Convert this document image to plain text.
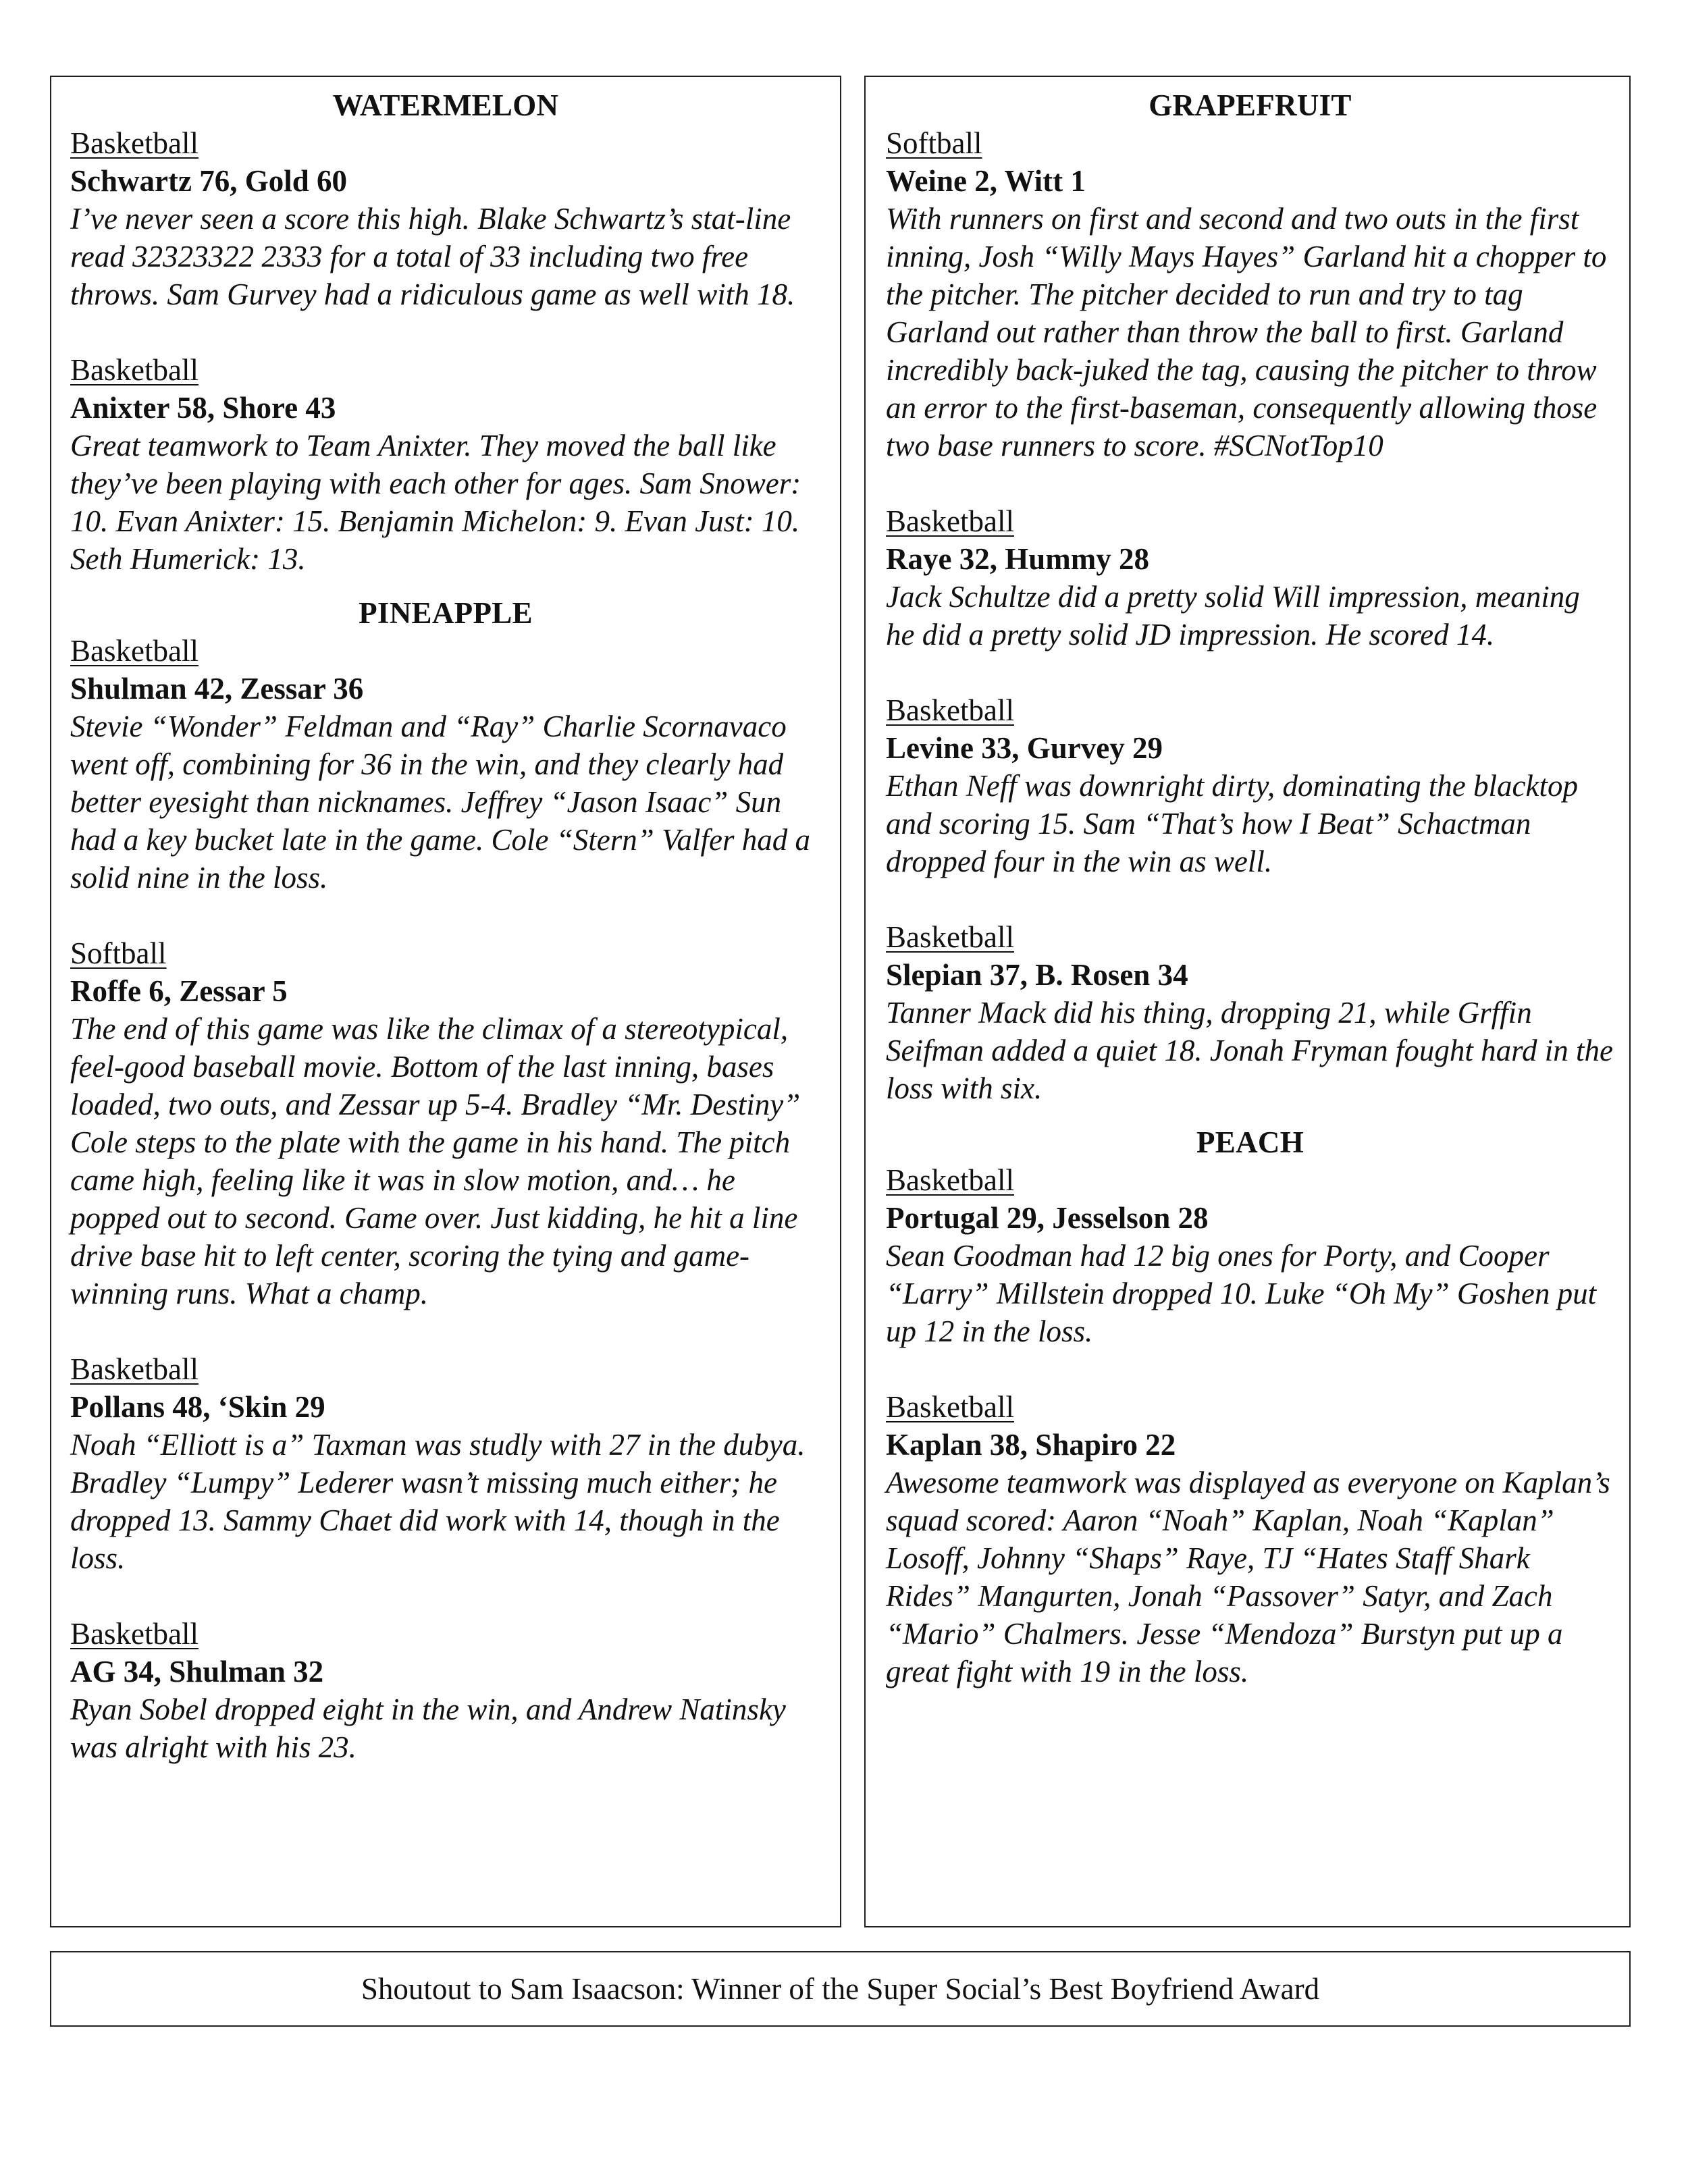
WATERMELON

Basketball

Schwartz 76, Gold 60

I’ve never seen a score this high. Blake Schwartz’s stat-line read 32323322 2333 for a total of 33 including two free throws. Sam Gurvey had a ridiculous game as well with 18.

Basketball

Anixter 58, Shore 43

Great teamwork to Team Anixter. They moved the ball like they’ve been playing with each other for ages. Sam Snower: 10. Evan Anixter: 15. Benjamin Michelon: 9. Evan Just: 10. Seth Humerick: 13.

PINEAPPLE

Basketball

Shulman 42, Zessar 36

Stevie “Wonder” Feldman and “Ray” Charlie Scornavaco went off, combining for 36 in the win, and they clearly had better eyesight than nicknames. Jeffrey “Jason Isaac” Sun had a key bucket late in the game. Cole “Stern” Valfer had a solid nine in the loss.

Softball

Roffe 6, Zessar 5

The end of this game was like the climax of a stereotypical, feel-good baseball movie. Bottom of the last inning, bases loaded, two outs, and Zessar up 5-4. Bradley “Mr. Destiny” Cole steps to the plate with the game in his hand. The pitch came high, feeling like it was in slow motion, and… he popped out to second. Game over. Just kidding, he hit a line drive base hit to left center, scoring the tying and game-winning runs. What a champ.

Basketball

Pollans 48, ‘Skin 29

Noah “Elliott is a” Taxman was studly with 27 in the dubya. Bradley “Lumpy” Lederer wasn’t missing much either; he dropped 13. Sammy Chaet did work with 14, though in the loss.

Basketball

AG 34, Shulman 32

Ryan Sobel dropped eight in the win, and Andrew Natinsky was alright with his 23.

GRAPEFRUIT

Softball

Weine 2, Witt 1

With runners on first and second and two outs in the first inning, Josh “Willy Mays Hayes” Garland hit a chopper to the pitcher. The pitcher decided to run and try to tag Garland out rather than throw the ball to first. Garland incredibly back-juked the tag, causing the pitcher to throw an error to the first-baseman, consequently allowing those two base runners to score. #SCNotTop10

Basketball

Raye 32, Hummy 28

Jack Schultze did a pretty solid Will impression, meaning he did a pretty solid JD impression. He scored 14.

Basketball

Levine 33, Gurvey 29

Ethan Neff was downright dirty, dominating the blacktop and scoring 15. Sam “That’s how I Beat” Schactman dropped four in the win as well.

Basketball

Slepian 37, B. Rosen 34

Tanner Mack did his thing, dropping 21, while Grffin Seifman added a quiet 18. Jonah Fryman fought hard in the loss with six.

PEACH

Basketball

Portugal 29, Jesselson 28

Sean Goodman had 12 big ones for Porty, and Cooper “Larry” Millstein dropped 10. Luke “Oh My” Goshen put up 12 in the loss.

Basketball

Kaplan 38, Shapiro 22

Awesome teamwork was displayed as everyone on Kaplan’s squad scored: Aaron “Noah” Kaplan, Noah “Kaplan” Losoff, Johnny “Shaps” Raye, TJ “Hates Staff Shark Rides” Mangurten, Jonah “Passover” Satyr, and Zach “Mario” Chalmers. Jesse “Mendoza” Burstyn put up a great fight with 19 in the loss.

Shoutout to Sam Isaacson: Winner of the Super Social’s Best Boyfriend Award
